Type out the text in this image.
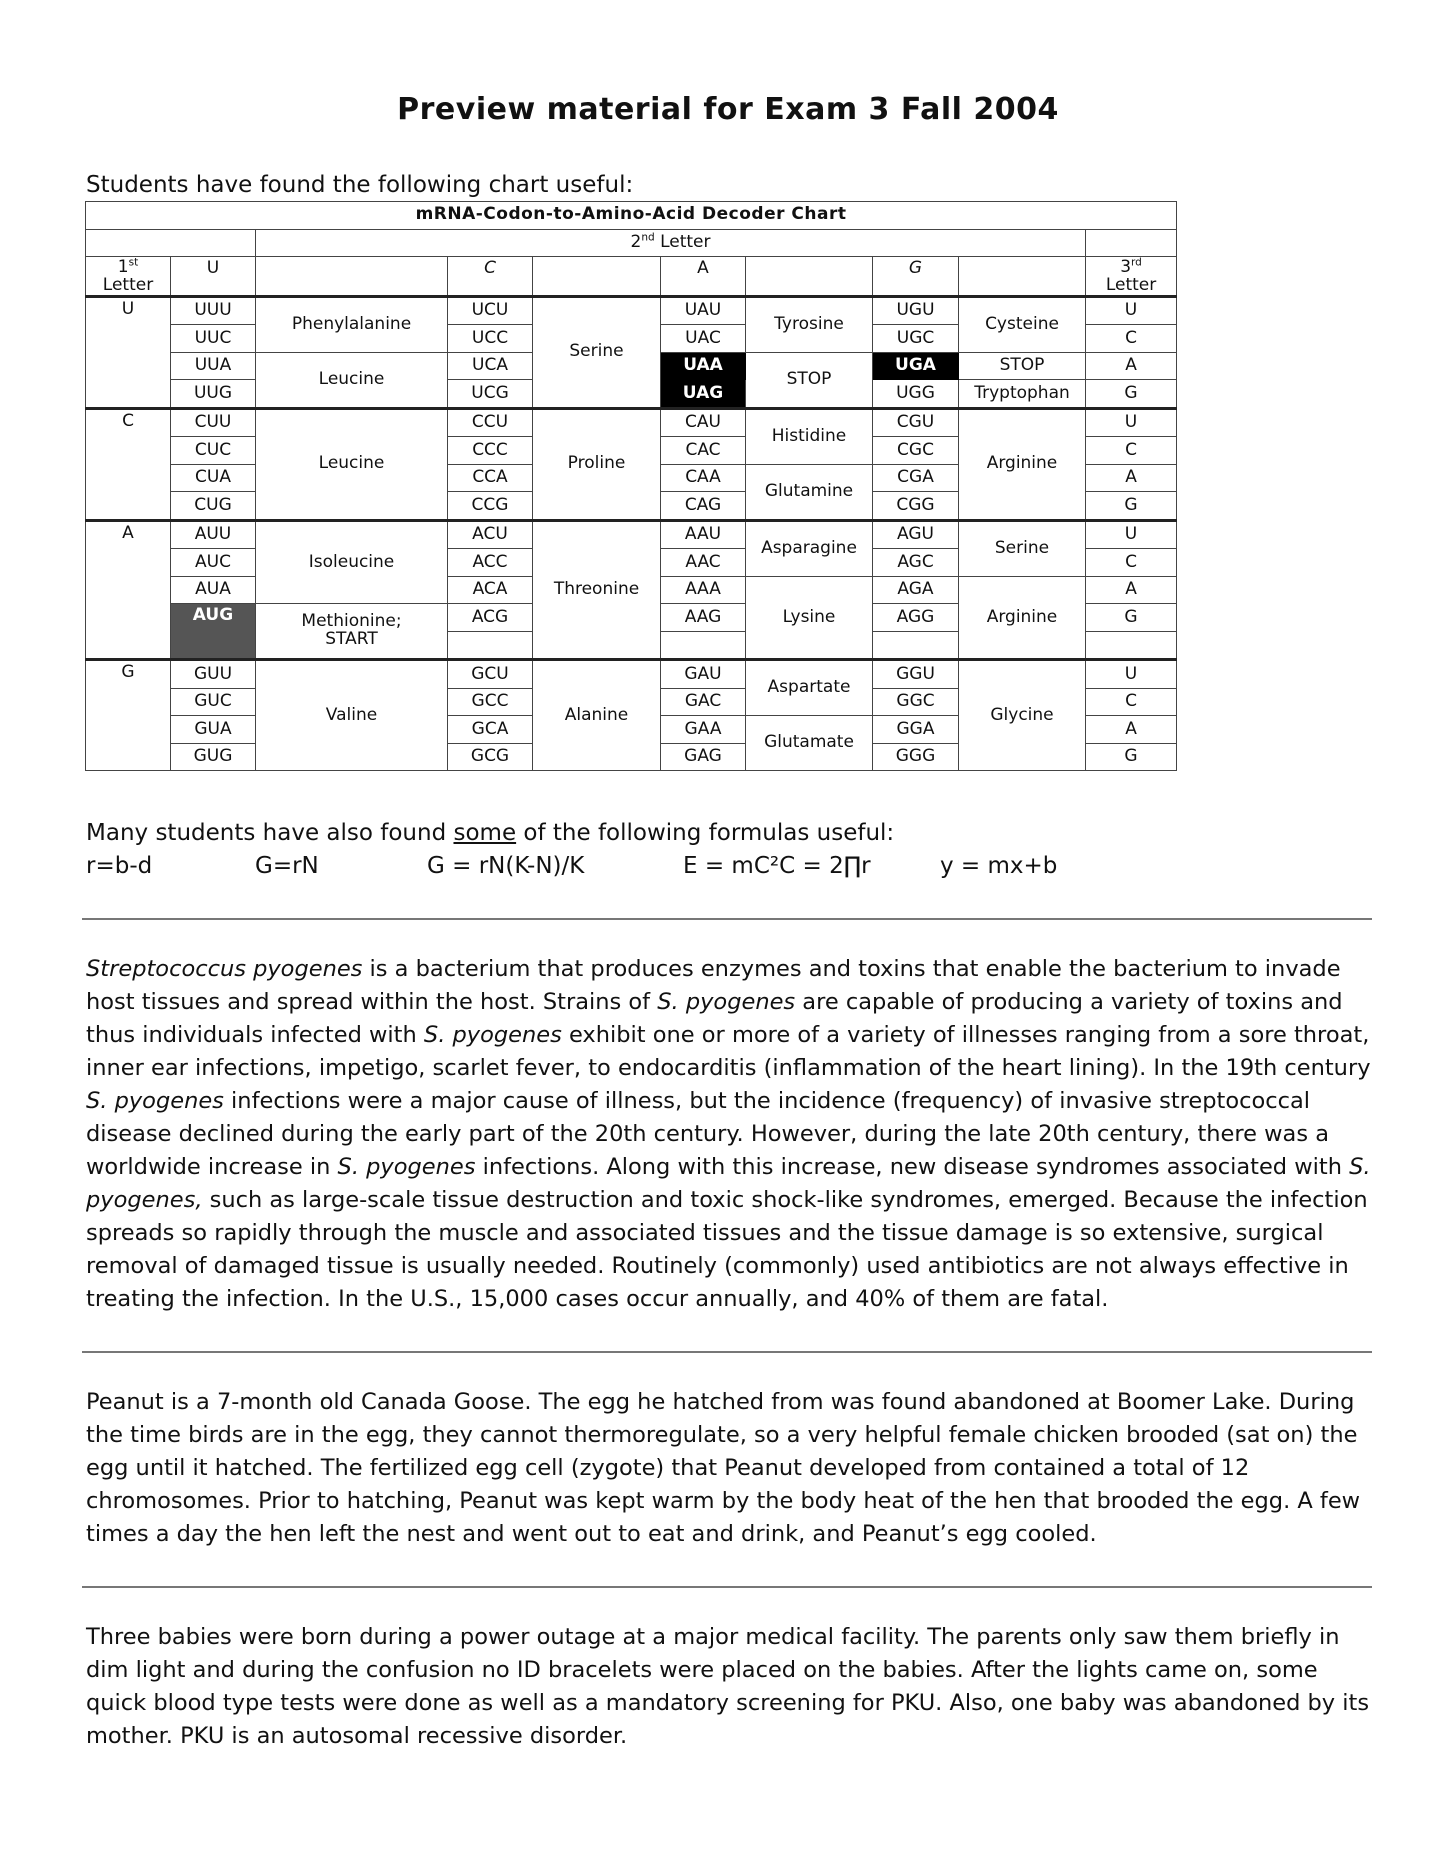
Preview material for Exam 3 Fall 2004
Students have found the following chart useful:
mRNA-Codon-to-Amino-Acid Decoder Chart									
		2nd Letter							
1st
Letter	U		C		A		G		3rd
Letter

U	UUU	Phenylalanine	UCU	Serine	UAU	Tyrosine	UGU	Cysteine	U
	UUC		UCC		UAC		UGC		C
	UUA	Leucine	UCA		UAA	STOP	UGA	STOP	A
	UUG		UCG		UAG		UGG	Tryptophan	G
C	CUU	Leucine	CCU	Proline	CAU	Histidine	CGU	Arginine	U
	CUC		CCC		CAC		CGC		C
	CUA		CCA		CAA	Glutamine	CGA		A
	CUG		CCG		CAG		CGG		G
A	AUU	Isoleucine	ACU	Threonine	AAU	Asparagine	AGU	Serine	U
	AUC		ACC		AAC		AGC		C
	AUA		ACA		AAA	Lysine	AGA	Arginine	A
	AUG	Methionine;
START	ACG		AAG		AGG		G

G	GUU	Valine	GCU	Alanine	GAU	Aspartate	GGU	Glycine	U
	GUC		GCC		GAC		GGC		C
	GUA		GCA		GAA	Glutamate	GGA		A
	GUG		GCG		GAG		GGG		G
Many students have also found some of the following formulas useful:
r=b-d	G=rN	G = rN(K-N)/K	E = mC²C = 2∏r	y = mx+b
Streptococcus pyogenes is a bacterium that produces enzymes and toxins that enable the bacterium to invade host tissues and spread within the host. Strains of S. pyogenes are capable of producing a variety of toxins and thus individuals infected with S. pyogenes exhibit one or more of a variety of illnesses ranging from a sore throat, inner ear infections, impetigo, scarlet fever, to endocarditis (inflammation of the heart lining). In the 19th century S. pyogenes infections were a major cause of illness, but the incidence (frequency) of invasive streptococcal disease declined during the early part of the 20th century. However, during the late 20th century, there was a worldwide increase in S. pyogenes infections. Along with this increase, new disease syndromes associated with S. pyogenes, such as large-scale tissue destruction and toxic shock-like syndromes, emerged. Because the infection spreads so rapidly through the muscle and associated tissues and the tissue damage is so extensive, surgical removal of damaged tissue is usually needed. Routinely (commonly) used antibiotics are not always effective in treating the infection. In the U.S., 15,000 cases occur annually, and 40% of them are fatal.
Peanut is a 7-month old Canada Goose. The egg he hatched from was found abandoned at Boomer Lake. During the time birds are in the egg, they cannot thermoregulate, so a very helpful female chicken brooded (sat on) the egg until it hatched. The fertilized egg cell (zygote) that Peanut developed from contained a total of 12 chromosomes. Prior to hatching, Peanut was kept warm by the body heat of the hen that brooded the egg. A few times a day the hen left the nest and went out to eat and drink, and Peanut’s egg cooled.
Three babies were born during a power outage at a major medical facility. The parents only saw them briefly in dim light and during the confusion no ID bracelets were placed on the babies. After the lights came on, some quick blood type tests were done as well as a mandatory screening for PKU. Also, one baby was abandoned by its mother. PKU is an autosomal recessive disorder.
